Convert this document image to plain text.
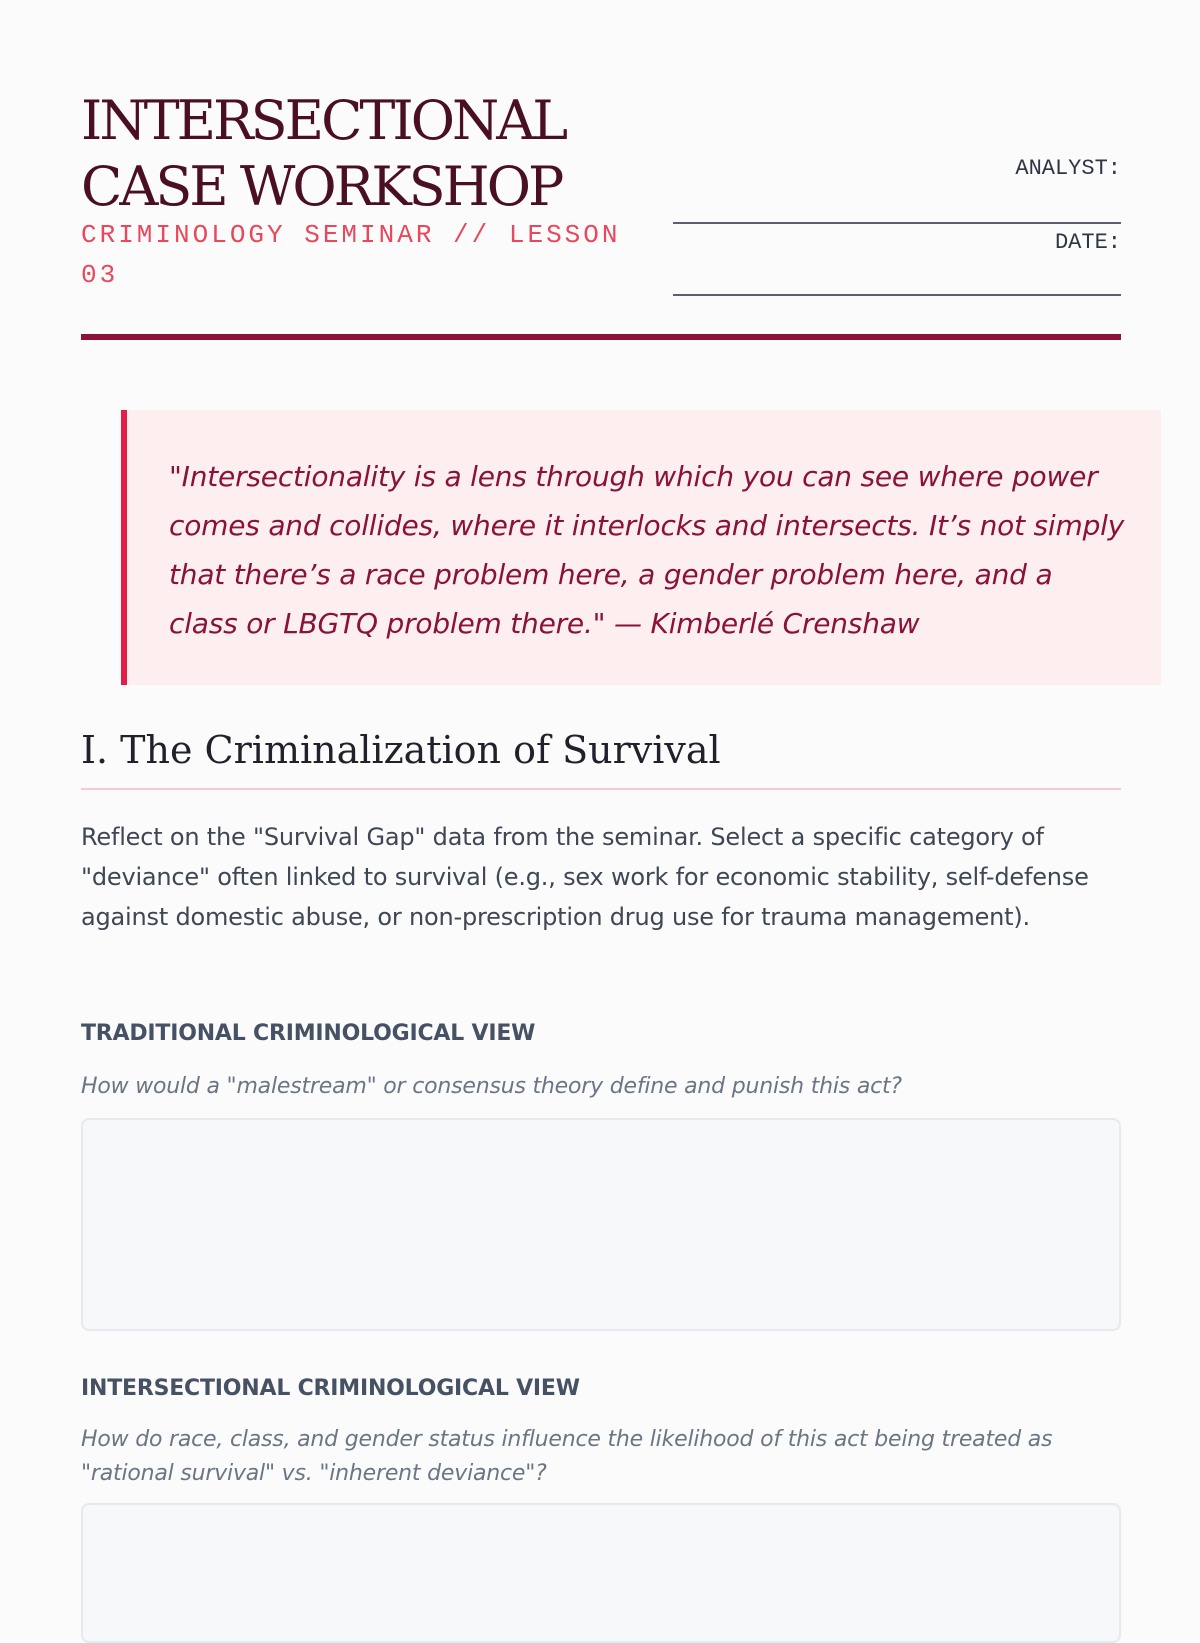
INTERSECTIONAL CASE WORKSHOP
CRIMINOLOGY SEMINAR // LESSON 03
ANALYST:
DATE:

"Intersectionality is a lens through which you can see where power comes and collides, where it interlocks and intersects. It’s not simply that there’s a race problem here, a gender problem here, and a class or LBGTQ problem there." — Kimberlé Crenshaw

I. The Criminalization of Survival

Reflect on the "Survival Gap" data from the seminar. Select a specific category of "deviance" often linked to survival (e.g., sex work for economic stability, self-defense against domestic abuse, or non-prescription drug use for trauma management).

TRADITIONAL CRIMINOLOGICAL VIEW

How would a "malestream" or consensus theory define and punish this act?

INTERSECTIONAL CRIMINOLOGICAL VIEW

How do race, class, and gender status influence the likelihood of this act being treated as "rational survival" vs. "inherent deviance"?
